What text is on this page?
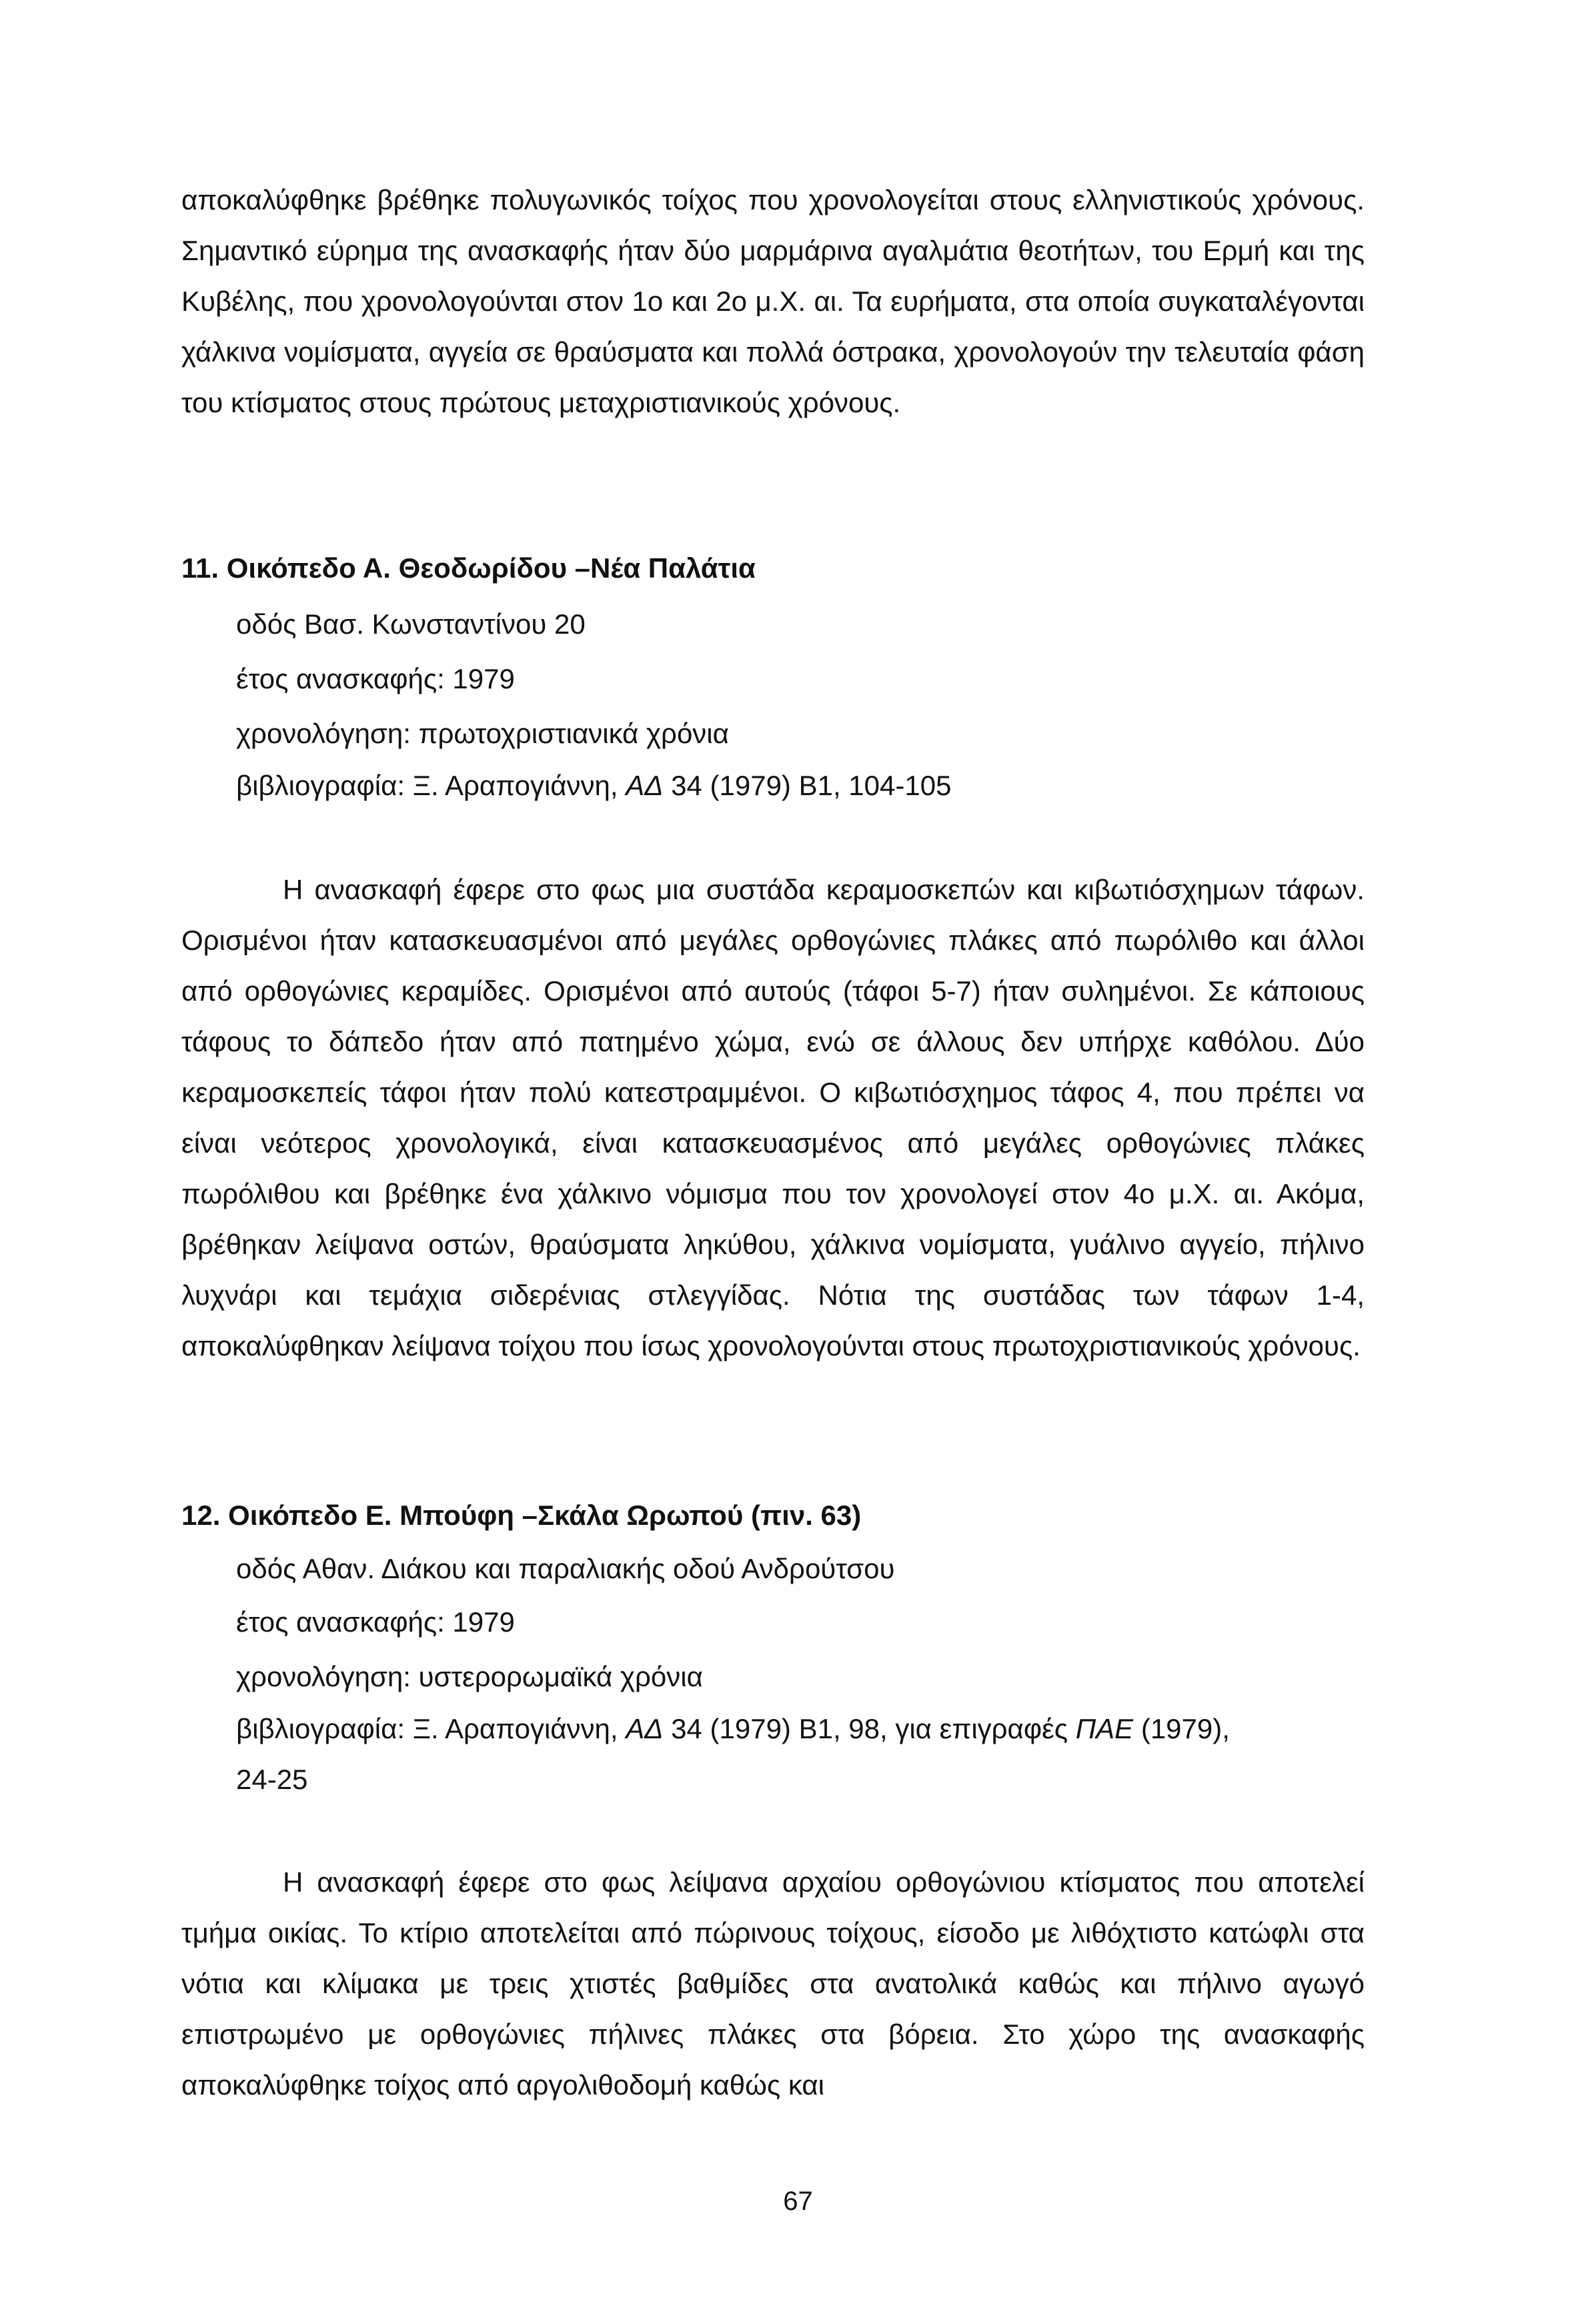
αποκαλύφθηκε βρέθηκε πολυγωνικός τοίχος που χρονολογείται στους ελληνιστικούς χρόνους. Σημαντικό εύρημα της ανασκαφής ήταν δύο μαρμάρινα αγαλμάτια θεοτήτων, του Ερμή και της Κυβέλης, που χρονολογούνται στον 1ο και 2ο μ.Χ. αι. Τα ευρήματα, στα οποία συγκαταλέγονται χάλκινα νομίσματα, αγγεία σε θραύσματα και πολλά όστρακα, χρονολογούν την τελευταία φάση του κτίσματος στους πρώτους μεταχριστιανικούς χρόνους.

11. Οικόπεδο Α. Θεοδωρίδου –Νέα Παλάτια

οδός Βασ. Κωνσταντίνου 20

έτος ανασκαφής: 1979

χρονολόγηση: πρωτοχριστιανικά χρόνια

βιβλιογραφία: Ξ. Αραπογιάννη, ΑΔ 34 (1979) Β1, 104-105

Η ανασκαφή έφερε στο φως μια συστάδα κεραμοσκεπών και κιβωτιόσχημων τάφων. Ορισμένοι ήταν κατασκευασμένοι από μεγάλες ορθογώνιες πλάκες από πωρόλιθο και άλλοι από ορθογώνιες κεραμίδες. Ορισμένοι από αυτούς (τάφοι 5-7) ήταν συλημένοι. Σε κάποιους τάφους το δάπεδο ήταν από πατημένο χώμα, ενώ σε άλλους δεν υπήρχε καθόλου. Δύο κεραμοσκεπείς τάφοι ήταν πολύ κατεστραμμένοι. Ο κιβωτιόσχημος τάφος 4, που πρέπει να είναι νεότερος χρονολογικά, είναι κατασκευασμένος από μεγάλες ορθογώνιες πλάκες πωρόλιθου και βρέθηκε ένα χάλκινο νόμισμα που τον χρονολογεί στον 4ο μ.Χ. αι. Ακόμα, βρέθηκαν λείψανα οστών, θραύσματα ληκύθου, χάλκινα νομίσματα, γυάλινο αγγείο, πήλινο λυχνάρι και τεμάχια σιδερένιας στλεγγίδας. Νότια της συστάδας των τάφων 1-4, αποκαλύφθηκαν λείψανα τοίχου που ίσως χρονολογούνται στους πρωτοχριστιανικούς χρόνους.

12. Οικόπεδο Ε. Μπούφη –Σκάλα Ωρωπού (πιν. 63)

οδός Αθαν. Διάκου και παραλιακής οδού Ανδρούτσου

έτος ανασκαφής: 1979

χρονολόγηση: υστερορωμαϊκά χρόνια

βιβλιογραφία: Ξ. Αραπογιάννη, ΑΔ 34 (1979) Β1, 98, για επιγραφές ΠΑΕ (1979),

24-25

Η ανασκαφή έφερε στο φως λείψανα αρχαίου ορθογώνιου κτίσματος που αποτελεί τμήμα οικίας. Το κτίριο αποτελείται από πώρινους τοίχους, είσοδο με λιθόχτιστο κατώφλι στα νότια και κλίμακα με τρεις χτιστές βαθμίδες στα ανατολικά καθώς και πήλινο αγωγό επιστρωμένο με ορθογώνιες πήλινες πλάκες στα βόρεια. Στο χώρο της ανασκαφής αποκαλύφθηκε τοίχος από αργολιθοδομή καθώς και

67
